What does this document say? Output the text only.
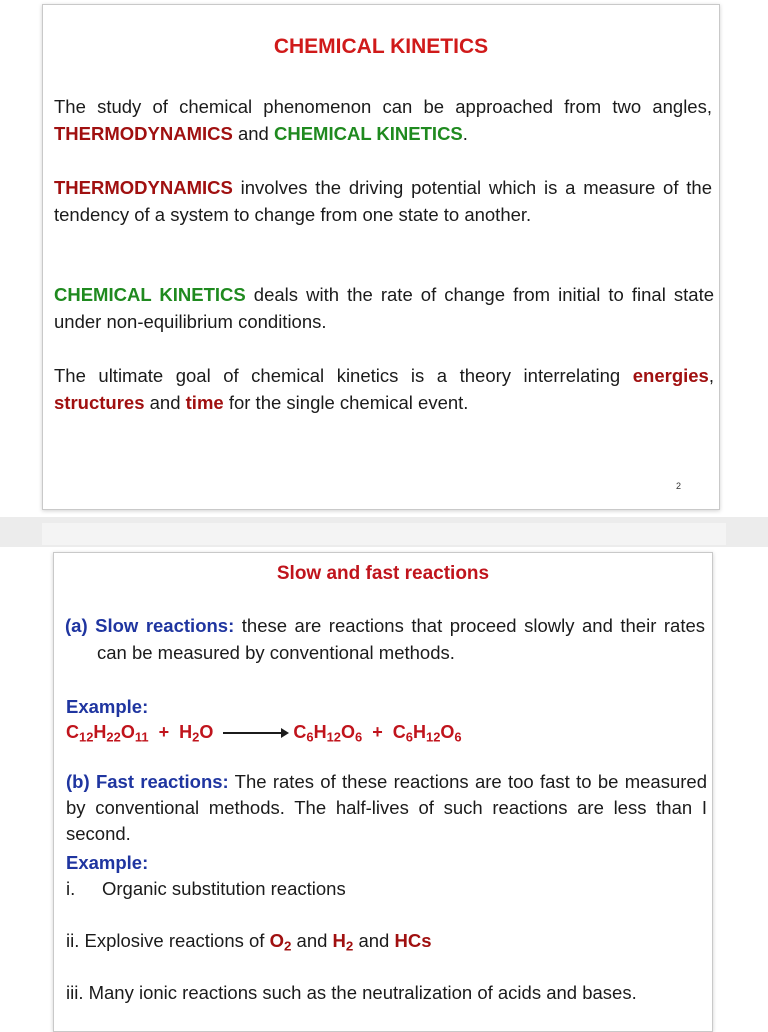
CHEMICAL KINETICS
The study of chemical phenomenon can be approached from two angles, THERMODYNAMICS and CHEMICAL KINETICS.
THERMODYNAMICS involves the driving potential which is a measure of the tendency of a system to change from one state to another.
CHEMICAL KINETICS deals with the rate of change from initial to final state under non-equilibrium conditions.
The ultimate goal of chemical kinetics is a theory interrelating energies, structures and time for the single chemical event.
2
Slow and fast reactions
(a) Slow reactions: these are reactions that proceed slowly and their rates can be measured by conventional methods.
Example:
$C_{12}H_{22}O_{11} + H_2O \to C_6H_{12}O_6 + C_6H_{12}O_6$
(b) Fast reactions: The rates of these reactions are too fast to be measured by conventional methods. The half-lives of such reactions are less than I second.
Example:
i. Organic substitution reactions
ii. Explosive reactions of $O_2$ and $H_2$ and HCs
iii. Many ionic reactions such as the neutralization of acids and bases.
